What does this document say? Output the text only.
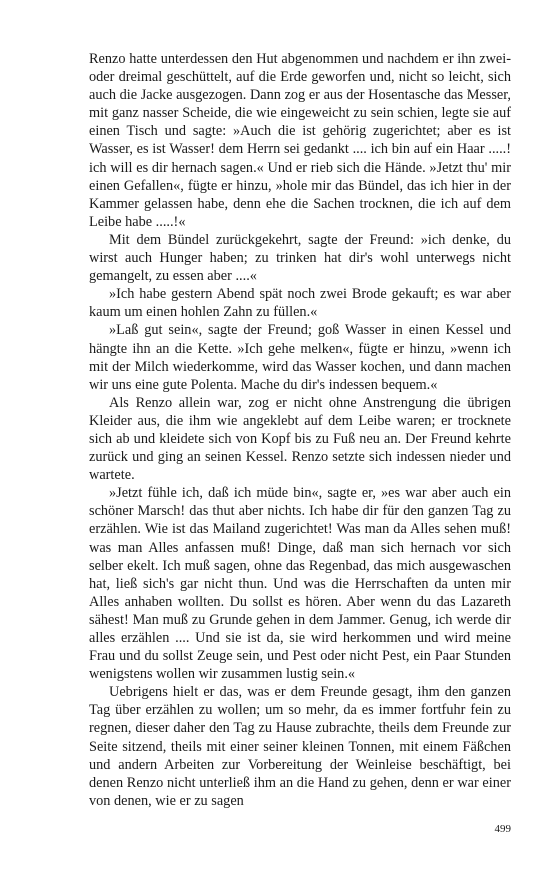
Renzo hatte unterdessen den Hut abgenommen und nachdem er ihn zwei- oder dreimal geschüttelt, auf die Erde geworfen und, nicht so leicht, sich auch die Jacke ausgezogen. Dann zog er aus der Hosentasche das Messer, mit ganz nasser Scheide, die wie eingeweicht zu sein schien, legte sie auf einen Tisch und sagte: »Auch die ist gehörig zugerichtet; aber es ist Wasser, es ist Wasser! dem Herrn sei gedankt .... ich bin auf ein Haar .....! ich will es dir hernach sagen.« Und er rieb sich die Hände. »Jetzt thu' mir einen Gefallen«, fügte er hinzu, »hole mir das Bündel, das ich hier in der Kammer gelassen habe, denn ehe die Sachen trocknen, die ich auf dem Leibe habe .....!«

Mit dem Bündel zurückgekehrt, sagte der Freund: »ich denke, du wirst auch Hunger haben; zu trinken hat dir's wohl unterwegs nicht gemangelt, zu essen aber ....«

»Ich habe gestern Abend spät noch zwei Brode gekauft; es war aber kaum um einen hohlen Zahn zu füllen.«

»Laß gut sein«, sagte der Freund; goß Wasser in einen Kessel und hängte ihn an die Kette. »Ich gehe melken«, fügte er hinzu, »wenn ich mit der Milch wiederkomme, wird das Wasser kochen, und dann machen wir uns eine gute Polenta. Mache du dir's indessen bequem.«

Als Renzo allein war, zog er nicht ohne Anstrengung die übrigen Kleider aus, die ihm wie angeklebt auf dem Leibe waren; er trocknete sich ab und kleidete sich von Kopf bis zu Fuß neu an. Der Freund kehrte zurück und ging an seinen Kessel. Renzo setzte sich indessen nieder und wartete.

»Jetzt fühle ich, daß ich müde bin«, sagte er, »es war aber auch ein schöner Marsch! das thut aber nichts. Ich habe dir für den ganzen Tag zu erzählen. Wie ist das Mailand zugerichtet! Was man da Alles sehen muß! was man Alles anfassen muß! Dinge, daß man sich hernach vor sich selber ekelt. Ich muß sagen, ohne das Regenbad, das mich ausgewaschen hat, ließ sich's gar nicht thun. Und was die Herrschaften da unten mir Alles anhaben wollten. Du sollst es hören. Aber wenn du das Lazareth sähest! Man muß zu Grunde gehen in dem Jammer. Genug, ich werde dir alles erzählen .... Und sie ist da, sie wird herkommen und wird meine Frau und du sollst Zeuge sein, und Pest oder nicht Pest, ein Paar Stunden wenigstens wollen wir zusammen lustig sein.«

Uebrigens hielt er das, was er dem Freunde gesagt, ihm den ganzen Tag über erzählen zu wollen; um so mehr, da es immer fortfuhr fein zu regnen, dieser daher den Tag zu Hause zubrachte, theils dem Freunde zur Seite sitzend, theils mit einer seiner kleinen Tonnen, mit einem Fäßchen und andern Arbeiten zur Vorbereitung der Weinleise beschäftigt, bei denen Renzo nicht unterließ ihm an die Hand zu gehen, denn er war einer von denen, wie er zu sagen

499
